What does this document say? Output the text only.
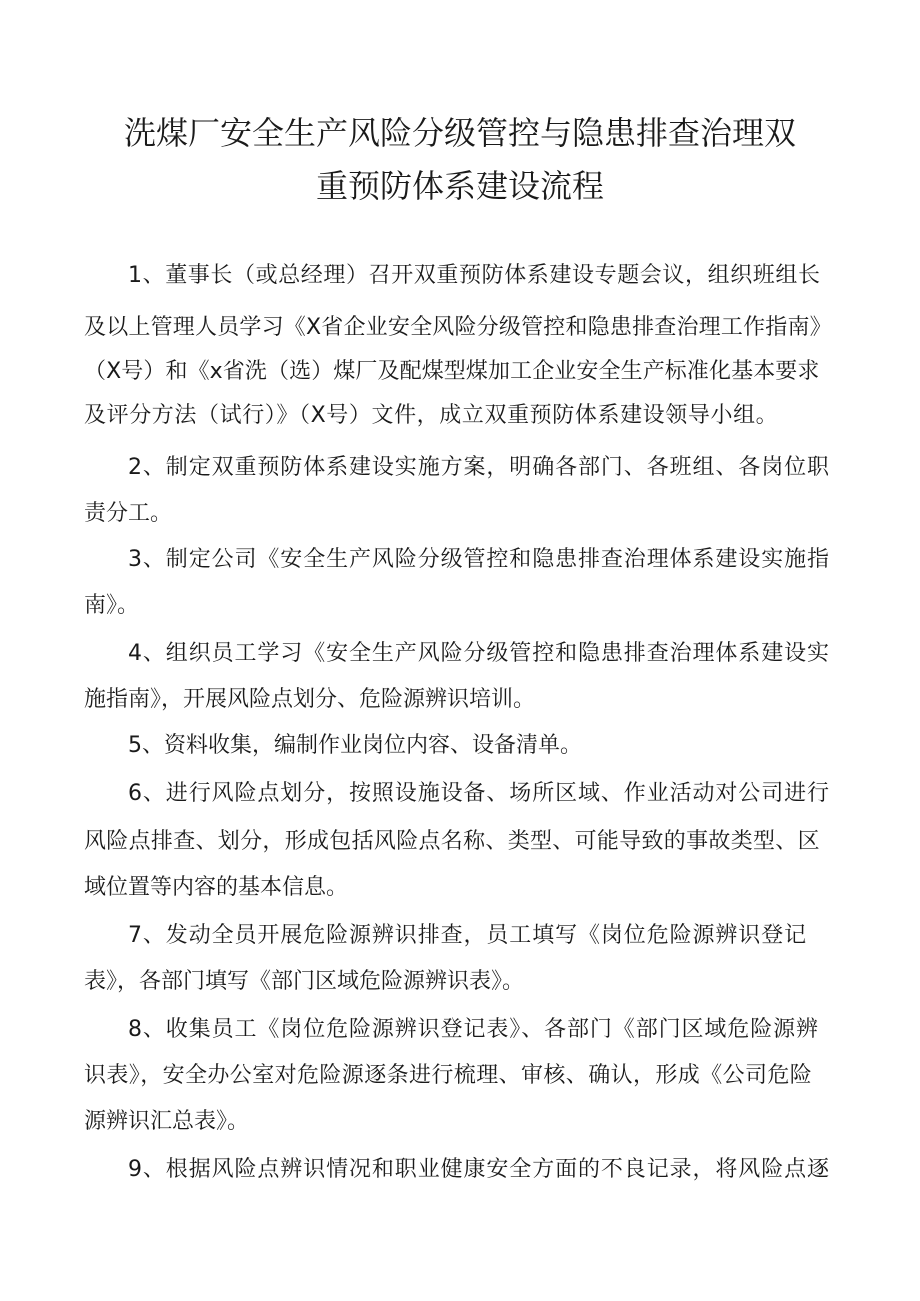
洗煤厂安全生产风险分级管控与隐患排查治理双
重预防体系建设流程
1、董事长（或总经理）召开双重预防体系建设专题会议，组织班组长
及以上管理人员学习《X省企业安全风险分级管控和隐患排查治理工作指南》
（X号）和《x省洗（选）煤厂及配煤型煤加工企业安全生产标准化基本要求
及评分方法（试行）》（X号）文件，成立双重预防体系建设领导小组。
2、制定双重预防体系建设实施方案，明确各部门、各班组、各岗位职
责分工。
3、制定公司《安全生产风险分级管控和隐患排查治理体系建设实施指
南》。
4、组织员工学习《安全生产风险分级管控和隐患排查治理体系建设实
施指南》，开展风险点划分、危险源辨识培训。
5、资料收集，编制作业岗位内容、设备清单。
6、进行风险点划分，按照设施设备、场所区域、作业活动对公司进行
风险点排查、划分，形成包括风险点名称、类型、可能导致的事故类型、区
域位置等内容的基本信息。
7、发动全员开展危险源辨识排查，员工填写《岗位危险源辨识登记
表》，各部门填写《部门区域危险源辨识表》。
8、收集员工《岗位危险源辨识登记表》、各部门《部门区域危险源辨
识表》，安全办公室对危险源逐条进行梳理、审核、确认，形成《公司危险
源辨识汇总表》。
9、根据风险点辨识情况和职业健康安全方面的不良记录，将风险点逐
